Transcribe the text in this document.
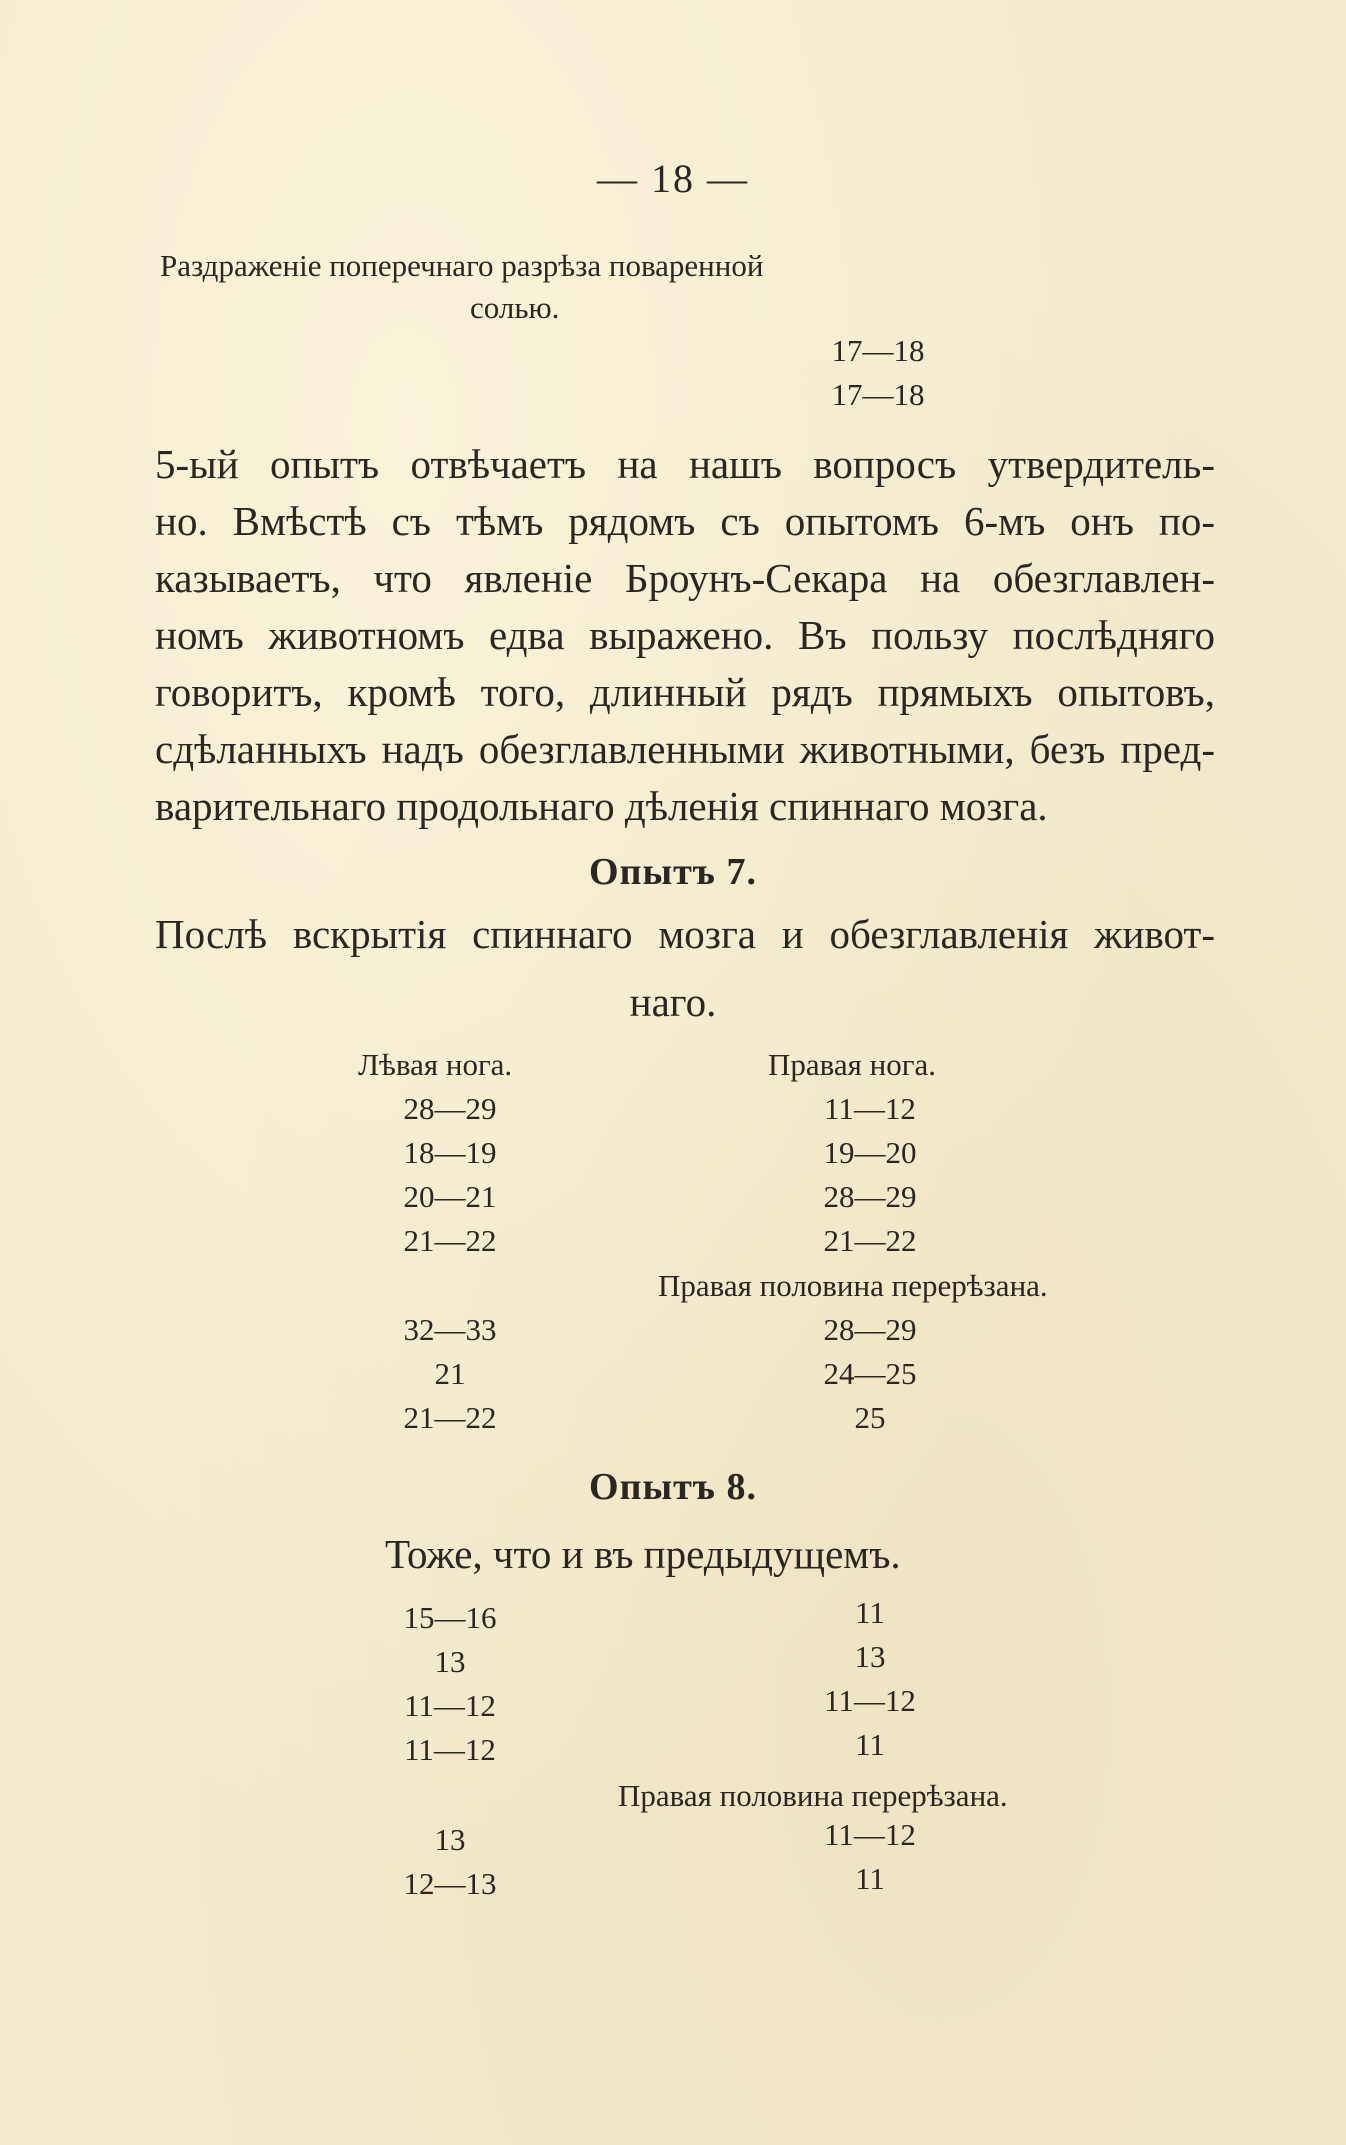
— 18 —
Раздраженіе поперечнаго разрѣза поваренной
солью.
17—18
17—18
5-ый опытъ отвѣчаетъ на нашъ вопросъ утвердитель-
но. Вмѣстѣ съ тѣмъ рядомъ съ опытомъ 6-мъ онъ по-
казываетъ, что явленіе Броунъ-Секара на обезглавлен-
номъ животномъ едва выражено. Въ пользу послѣдняго
говоритъ, кромѣ того, длинный рядъ прямыхъ опытовъ,
сдѣланныхъ надъ обезглавленными животными, безъ пред-
варительнаго продольнаго дѣленія спиннаго мозга.
Опытъ 7.
Послѣ вскрытія спиннаго мозга и обезглавленія живот-
наго.
Лѣвая нога.	Правая нога.
28—29	11—12
18—19	19—20
20—21	28—29
21—22	21—22
Правая половина перерѣзана.
32—33	28—29
21	24—25
21—22	25
Опытъ 8.
Тоже, что и въ предыдущемъ.
15—16	11
13	13
11—12	11—12
11—12	11
Правая половина перерѣзана.
13	11—12
12—13	11
